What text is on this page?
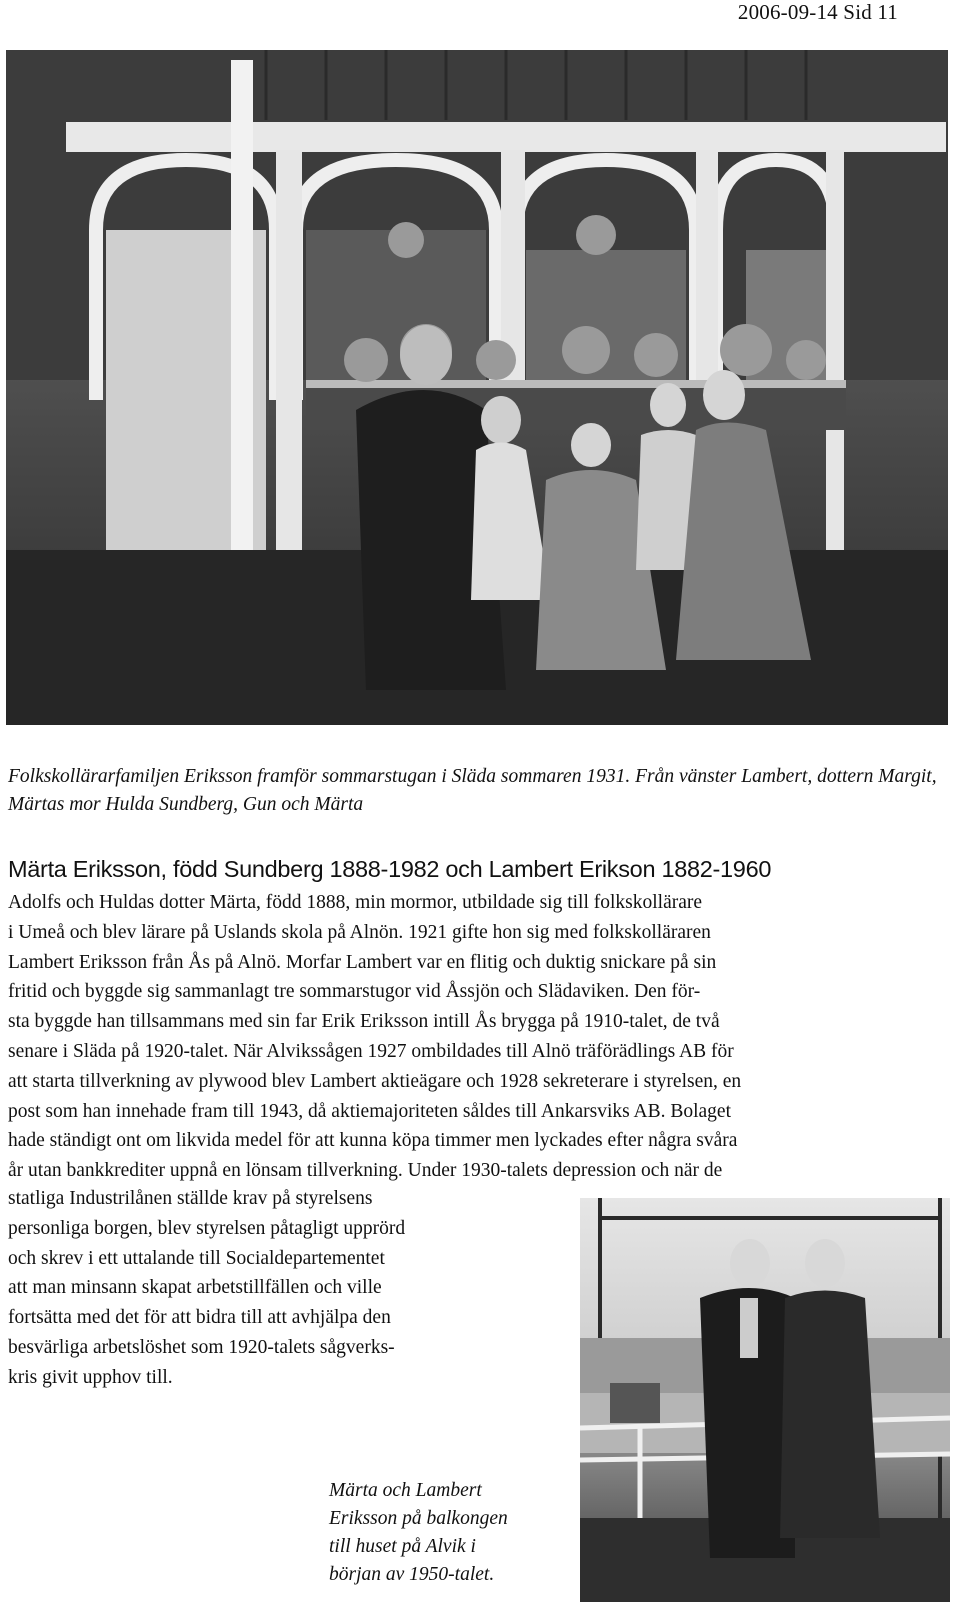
2006-09-14 Sid 11
Folkskollärarfamiljen Eriksson framför sommarstugan i Släda sommaren 1931. Från vänster Lambert, dottern Margit, Märtas mor Hulda Sundberg, Gun och Märta
Märta Eriksson, född Sundberg 1888-1982 och Lambert Erikson 1882-1960
Adolfs och Huldas dotter Märta, född 1888, min mormor, utbildade sig till folkskollärare
i Umeå och blev lärare på Uslands skola på Alnön. 1921 gifte hon sig med folkskolläraren
Lambert Eriksson från Ås på Alnö. Morfar Lambert var en flitig och duktig snickare på sin
fritid och byggde sig sammanlagt tre sommarstugor vid Åssjön och Slädaviken. Den för-
sta byggde han tillsammans med sin far Erik Eriksson intill Ås brygga på 1910-talet, de två
senare i Släda på 1920-talet. När Alvikssågen 1927 ombildades till Alnö träförädlings AB för
att starta tillverkning av plywood blev Lambert aktieägare och 1928 sekreterare i styrelsen, en
post som han innehade fram till 1943, då aktiemajoriteten såldes till Ankarsviks AB. Bolaget
hade ständigt ont om likvida medel för att kunna köpa timmer men lyckades efter några svåra
år utan bankkrediter uppnå en lönsam tillverkning. Under 1930-talets depression och när de
statliga Industrilånen ställde krav på styrelsens
personliga borgen, blev styrelsen påtagligt upprörd
och skrev i ett uttalande till Socialdepartementet
att man minsann skapat arbetstillfällen och ville
fortsätta med det för att bidra till att avhjälpa den
besvärliga arbetslöshet som 1920-talets sågverks-
kris givit upphov till.
Märta och Lambert
Eriksson på balkongen
till huset på Alvik i
början av 1950-talet.
